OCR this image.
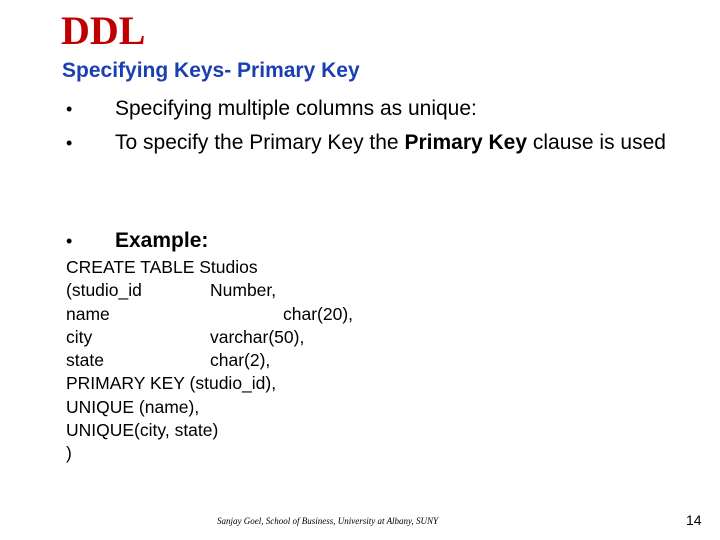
DDL
Specifying Keys- Primary Key
• Specifying multiple columns as unique:
• To specify the Primary Key the Primary Key clause is used
• Example:
CREATE TABLE Studios
(studio_id	Number,
name	char(20),
city	varchar(50),
state	char(2),
PRIMARY KEY (studio_id),
UNIQUE (name),
UNIQUE(city, state)
)
Sanjay Goel, School of Business, University at Albany, SUNY	14
